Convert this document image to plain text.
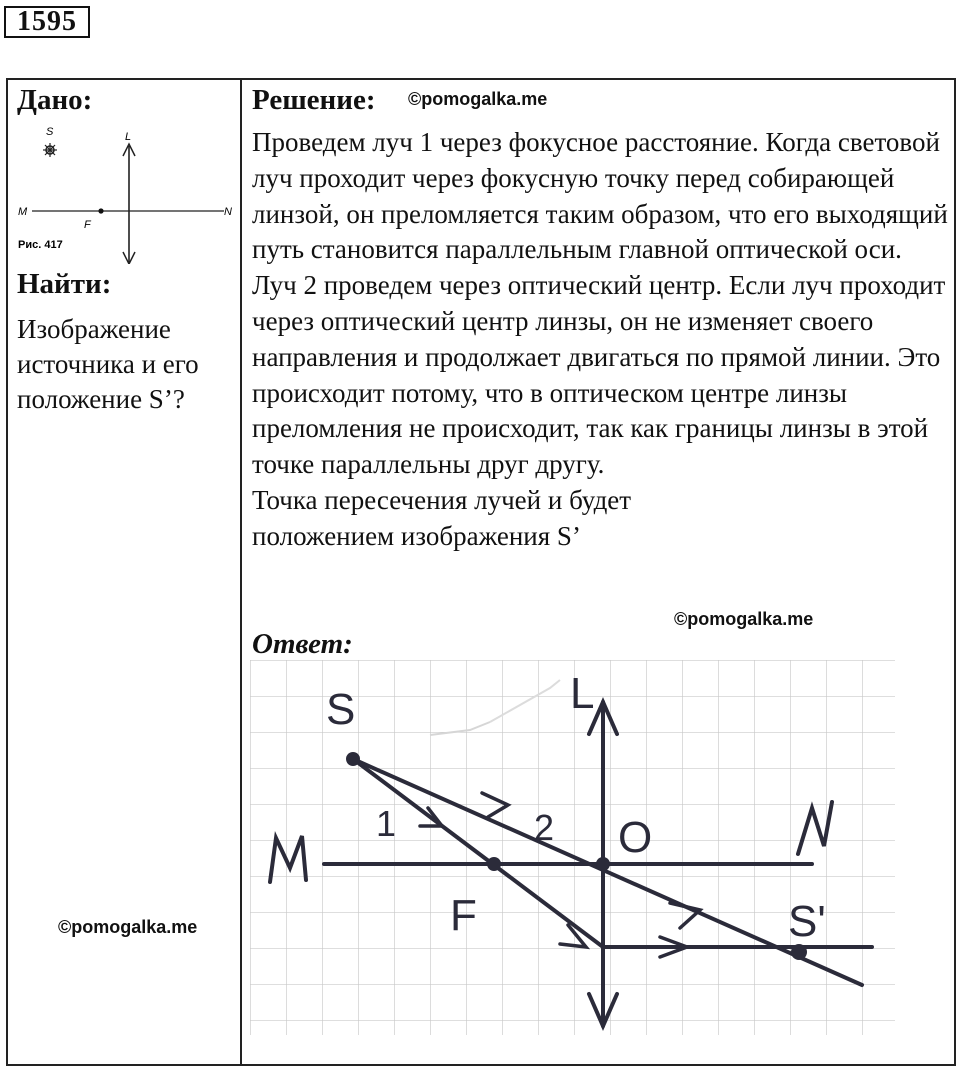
1595
Дано:
S	L
M
F
N
Рис. 417
Найти:
Изображение источника и его положение S’?
©pomogalka.me
Решение: ©pomogalka.me

Проведем луч 1 через фокусное расстояние. Когда световой луч проходит через фокусную точку перед собирающей линзой, он преломляется таким образом, что его выходящий путь становится параллельным главной оптической оси.

Луч 2 проведем через оптический центр. Если луч проходит через оптический центр линзы, он не изменяет своего направления и продолжает двигаться по прямой линии. Это происходит потому, что в оптическом центре линзы преломления не происходит, так как границы линзы в этой точке параллельны друг другу.

Точка пересечения лучей и будет положением изображения S’

©pomogalka.me
Ответ:
S	L
O
F	S'
1	2
